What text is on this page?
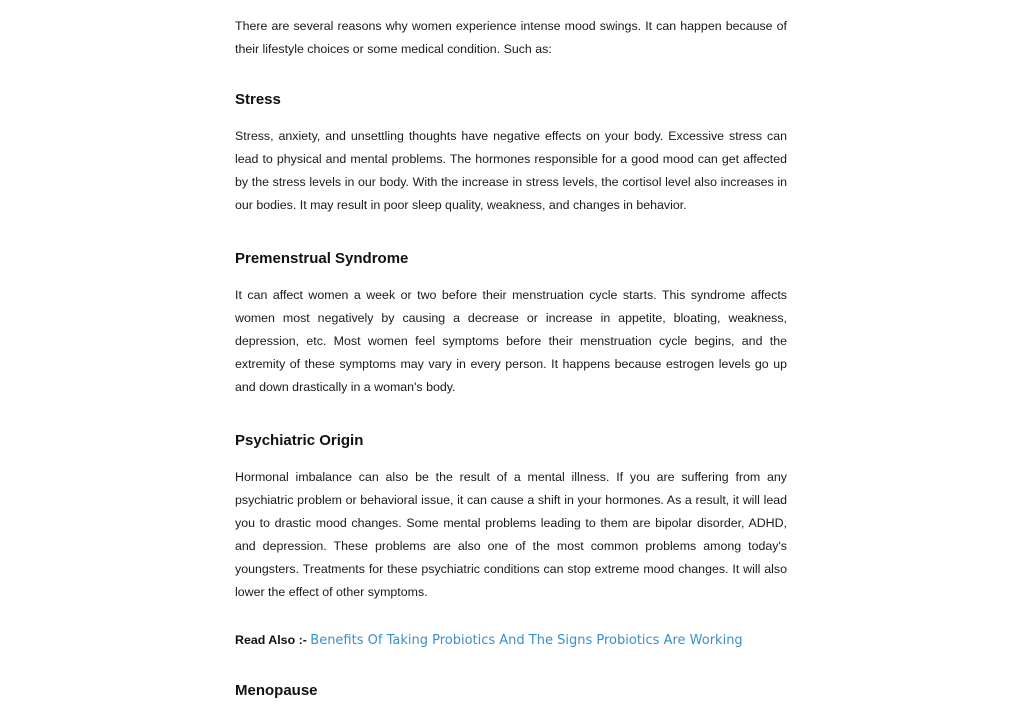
There are several reasons why women experience intense mood swings. It can happen because of their lifestyle choices or some medical condition. Such as:

Stress

Stress, anxiety, and unsettling thoughts have negative effects on your body. Excessive stress can lead to physical and mental problems. The hormones responsible for a good mood can get affected by the stress levels in our body. With the increase in stress levels, the cortisol level also increases in our bodies. It may result in poor sleep quality, weakness, and changes in behavior.

Premenstrual Syndrome

It can affect women a week or two before their menstruation cycle starts. This syndrome affects women most negatively by causing a decrease or increase in appetite, bloating, weakness, depression, etc. Most women feel symptoms before their menstruation cycle begins, and the extremity of these symptoms may vary in every person. It happens because estrogen levels go up and down drastically in a woman's body.

Psychiatric Origin

Hormonal imbalance can also be the result of a mental illness. If you are suffering from any psychiatric problem or behavioral issue, it can cause a shift in your hormones. As a result, it will lead you to drastic mood changes. Some mental problems leading to them are bipolar disorder, ADHD, and depression. These problems are also one of the most common problems among today's youngsters. Treatments for these psychiatric conditions can stop extreme mood changes. It will also lower the effect of other symptoms.

Read Also :- Benefits Of Taking Probiotics And The Signs Probiotics Are Working
Menopause
